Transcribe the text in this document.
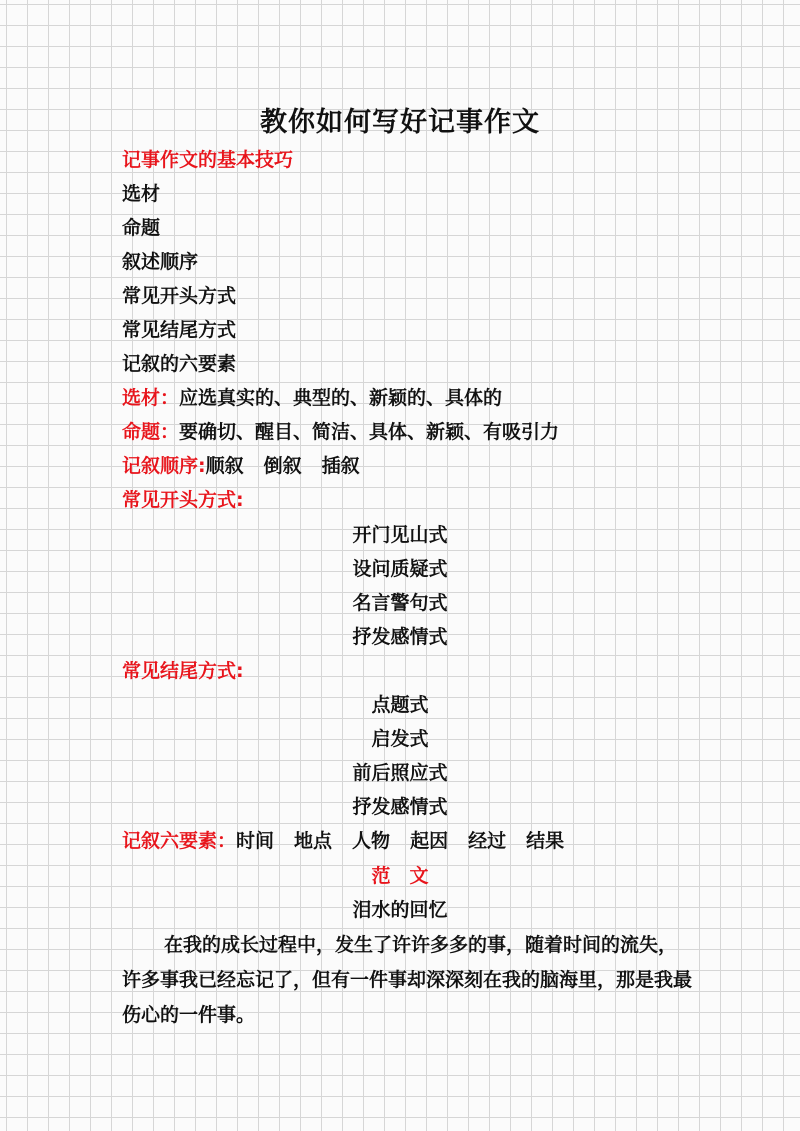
教你如何写好记事作文
记事作文的基本技巧
选材
命题
叙述顺序
常见开头方式
常见结尾方式
记叙的六要素
选材：应选真实的、典型的、新颖的、具体的
命题：要确切、醒目、简洁、具体、新颖、有吸引力
记叙顺序:顺叙 倒叙 插叙
常见开头方式:
开门见山式
设问质疑式
名言警句式
抒发感情式
常见结尾方式:
点题式
启发式
前后照应式
抒发感情式
记叙六要素：时间 地点 人物 起因 经过 结果
范　文
泪水的回忆
在我的成长过程中，发生了许许多多的事，随着时间的流失，许多事我已经忘记了，但有一件事却深深刻在我的脑海里，那是我最伤心的一件事。
